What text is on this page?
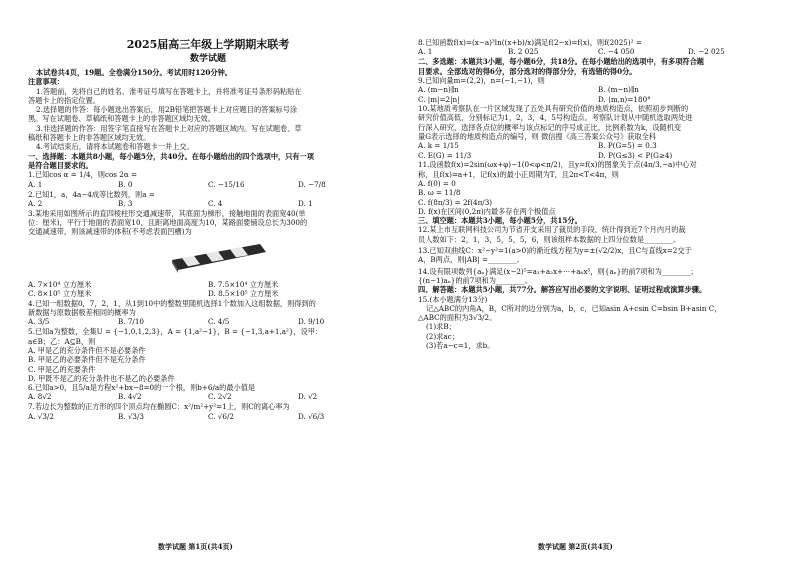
2025届高三年级上学期期末联考
数学试题
本试卷共4页，19题。全卷满分150分。考试用时120分钟。
注意事项：
1.答题前，先将自己的姓名、准考证号填写在答题卡上，并将准考证号条形码粘贴在
答题卡上的指定位置。
2.选择题的作答：每小题选出答案后，用2B铅笔把答题卡上对应题目的答案标号涂
黑。写在试题卷、草稿纸和答题卡上的非答题区域均无效。
3.非选择题的作答：用签字笔直接写在答题卡上对应的答题区域内。写在试题卷、草
稿纸和答题卡上的非答题区域均无效。
4.考试结束后，请将本试题卷和答题卡一并上交。
一、选择题：本题共8小题，每小题5分，共40分。在每小题给出的四个选项中，只有一项
是符合题目要求的。
1.已知cos α = 1/4，则cos 2α =
A. 1	B. 0	C. −15/16	D. −7/8
2.已知1，a，4a−4成等比数列，则a =
A. 2	B. 3	C. 4	D. 1
3.某地采用如图所示的直四棱柱形交通减速带，其底面为梯形，接触地面的表面宽40(单
位：厘米)，平行于地面的表面宽10，且距离地面高度为10，某路面要铺设总长为300的
交通减速带，则该减速带的体积(不考虑表面凹槽)为
A. 7×10⁴ 立方厘米	B. 7.5×10⁴ 立方厘米
C. 8×10⁵ 立方厘米	D. 8.5×10⁵ 立方厘米
4.已知一组数据0，7，2，1，从1到10中的整数里随机选择1个数加入这组数据，则得到的
新数据与原数据极差相同的概率为
A. 3/5	B. 7/10	C. 4/5	D. 9/10
5.已知a为整数，全集U = {−1,0,1,2,3}，A = {1,a²−1}，B = {−1,3,a+1,a²}，设甲：
a∈B；乙：A⊆B，则
A. 甲是乙的充分条件但不是必要条件
B. 甲是乙的必要条件但不是充分条件
C. 甲是乙的充要条件
D. 甲既不是乙的充分条件也不是乙的必要条件
6.已知a>0，且5/a是方程x²+bx−8=0的一个根，则b+6/a的最小值是
A. 8√2	B. 4√2	C. 2√2	D. √2
7.若边长为整数的正方形的四个顶点均在椭圆C：x²/m²+y²=1上，则C的离心率为
A. √3/2	B. √3/3	C. √6/2	D. √6/3
数学试题 第1页(共4页)
8.已知函数f(x)=(x−a)³ln((x+b)/x)满足f(2−x)=f(x)，则f(2025)² =
A. 1	B. 2 025	C. −4 050	D. −2 025
二、多选题：本题共3小题，每小题6分，共18分。在每小题给出的选项中，有多项符合题
目要求。全部选对的得6分，部分选对的得部分分，有选错的得0分。
9.已知向量m=(2,2)，n=(−1,−1)，则
A. (m−n)∥n	B. (m−n)∥n
C. |m|=2|n|	D. ⟨m,n⟩=180°
10.某地质考察队在一片区域发现了五处具有研究价值的地质构造点，依照初步判断的
研究价值高低，分别标记为1，2，3，4，5号构造点。考察队计划从中随机选取两处进
行深入研究，选择各点位的概率与该点标记的序号成正比，比例系数为k，设随机变
量G表示选择的地质构造点的编号，则 微信搜《高三答案公众号》获取全科
A. k = 1/15	B. P(G=5) = 0.3
C. E(G) = 11/3	D. P(G≤3) < P(G≥4)
11.设函数f(x)=2sin(ωx+φ)−1(0<φ<π/2)，且y=f(x)的图象关于点(4π/3,−a)中心对
称，且f(x)=a+1，记f(x)的最小正周期为T，且2π<T<4π，则
A. f(0) = 0
B. ω = 11/8
C. f(8π/3) = 2f(4π/3)
D. f(x)在区间(0,2π)内最多存在两个极值点
三、填空题：本题共3小题，每小题5分，共15分。
12.某上市互联网科技公司为节省开支采用了裁员的手段，统计得到近7个月内月的裁
员人数如下：2，1，3，5，5，5，6，则该组样本数据的上四分位数是________。
13.已知双曲线C：x²−y²=1(a>0)的渐近线方程为y=±(√2/2)x，且C与直线x=2交于
A，B两点，则|AB| =________。
14.设有限项数列{aₙ}满足(x−2)⁵=a₁+a₂x+⋯+a₆x⁵，则{aₙ}的前7项和为________；
{(n−1)aₙ}的前7项和为________。
四、解答题：本题共5小题，共77分。解答应写出必要的文字说明、证明过程或演算步骤。
15.(本小题满分13分)
记△ABC的内角A，B，C所对的边分别为a，b，c，已知asin A+csin C=bsin B+asin C，
△ABC的面积为3√3/2。
(1)求B；
(2)求ac；
(3)若a−c=1，求b。
数学试题 第2页(共4页)
